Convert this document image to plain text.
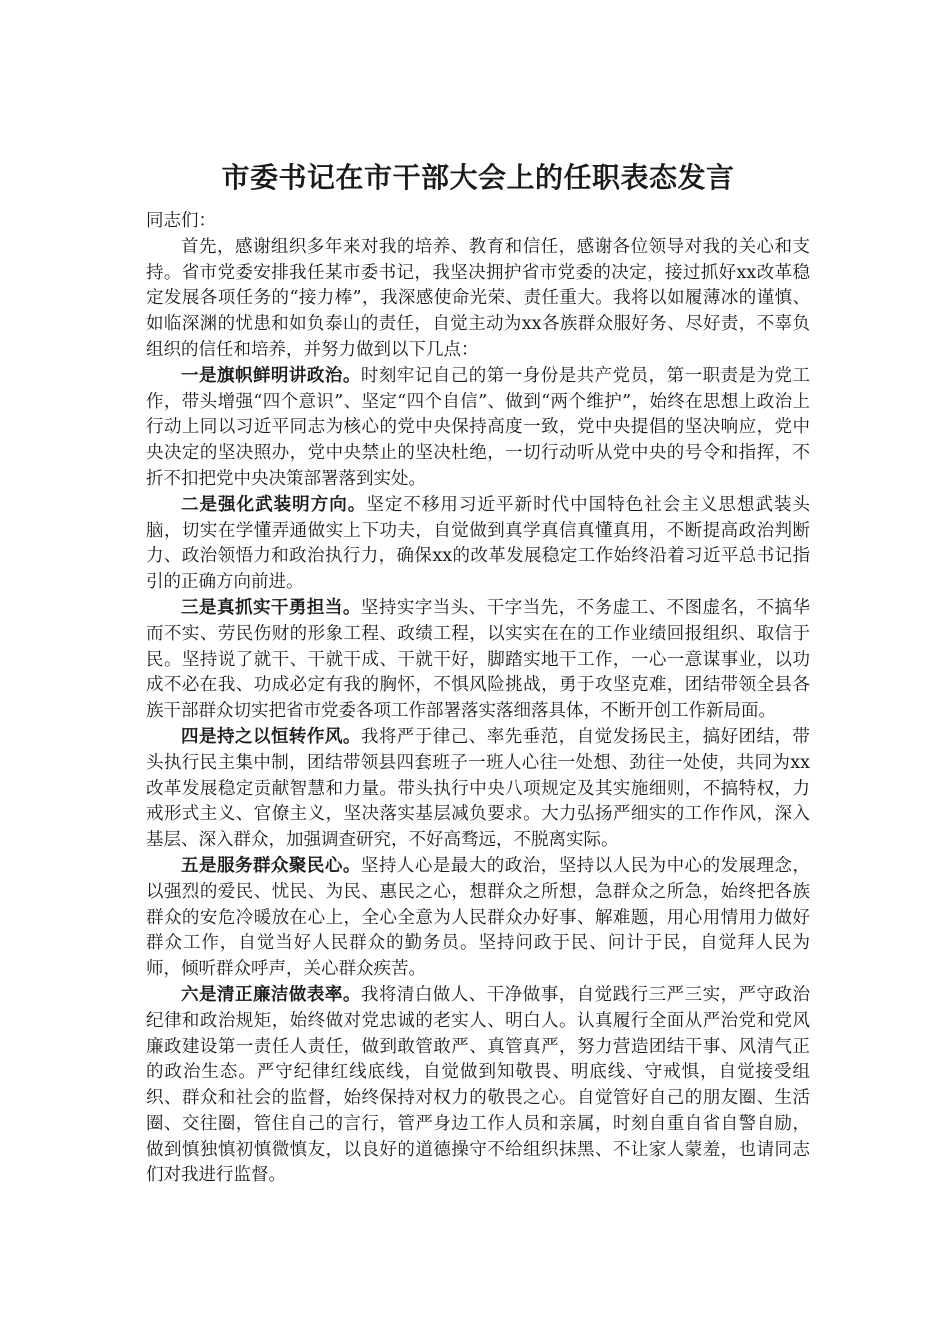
市委书记在市干部大会上的任职表态发言

同志们：

首先，感谢组织多年来对我的培养、教育和信任，感谢各位领导对我的关心和支持。省市党委安排我任某市委书记，我坚决拥护省市党委的决定，接过抓好xx改革稳定发展各项任务的“接力棒”，我深感使命光荣、责任重大。我将以如履薄冰的谨慎、如临深渊的忧患和如负泰山的责任，自觉主动为xx各族群众服好务、尽好责，不辜负组织的信任和培养，并努力做到以下几点：

一是旗帜鲜明讲政治。时刻牢记自己的第一身份是共产党员，第一职责是为党工作，带头增强“四个意识”、坚定“四个自信”、做到“两个维护”，始终在思想上政治上行动上同以习近平同志为核心的党中央保持高度一致，党中央提倡的坚决响应，党中央决定的坚决照办，党中央禁止的坚决杜绝，一切行动听从党中央的号令和指挥，不折不扣把党中央决策部署落到实处。

二是强化武装明方向。坚定不移用习近平新时代中国特色社会主义思想武装头脑，切实在学懂弄通做实上下功夫，自觉做到真学真信真懂真用，不断提高政治判断力、政治领悟力和政治执行力，确保xx的改革发展稳定工作始终沿着习近平总书记指引的正确方向前进。

三是真抓实干勇担当。坚持实字当头、干字当先，不务虚工、不图虚名，不搞华而不实、劳民伤财的形象工程、政绩工程，以实实在在的工作业绩回报组织、取信于民。坚持说了就干、干就干成、干就干好，脚踏实地干工作，一心一意谋事业，以功成不必在我、功成必定有我的胸怀，不惧风险挑战，勇于攻坚克难，团结带领全县各族干部群众切实把省市党委各项工作部署落实落细落具体，不断开创工作新局面。

四是持之以恒转作风。我将严于律己、率先垂范，自觉发扬民主，搞好团结，带头执行民主集中制，团结带领县四套班子一班人心往一处想、劲往一处使，共同为xx改革发展稳定贡献智慧和力量。带头执行中央八项规定及其实施细则，不搞特权，力戒形式主义、官僚主义，坚决落实基层减负要求。大力弘扬严细实的工作作风，深入基层、深入群众，加强调查研究，不好高骛远，不脱离实际。

五是服务群众聚民心。坚持人心是最大的政治，坚持以人民为中心的发展理念，以强烈的爱民、忧民、为民、惠民之心，想群众之所想，急群众之所急，始终把各族群众的安危冷暖放在心上，全心全意为人民群众办好事、解难题，用心用情用力做好群众工作，自觉当好人民群众的勤务员。坚持问政于民、问计于民，自觉拜人民为师，倾听群众呼声，关心群众疾苦。

六是清正廉洁做表率。我将清白做人、干净做事，自觉践行三严三实，严守政治纪律和政治规矩，始终做对党忠诚的老实人、明白人。认真履行全面从严治党和党风廉政建设第一责任人责任，做到敢管敢严、真管真严，努力营造团结干事、风清气正的政治生态。严守纪律红线底线，自觉做到知敬畏、明底线、守戒惧，自觉接受组织、群众和社会的监督，始终保持对权力的敬畏之心。自觉管好自己的朋友圈、生活圈、交往圈，管住自己的言行，管严身边工作人员和亲属，时刻自重自省自警自励，做到慎独慎初慎微慎友，以良好的道德操守不给组织抹黑、不让家人蒙羞，也请同志们对我进行监督。
